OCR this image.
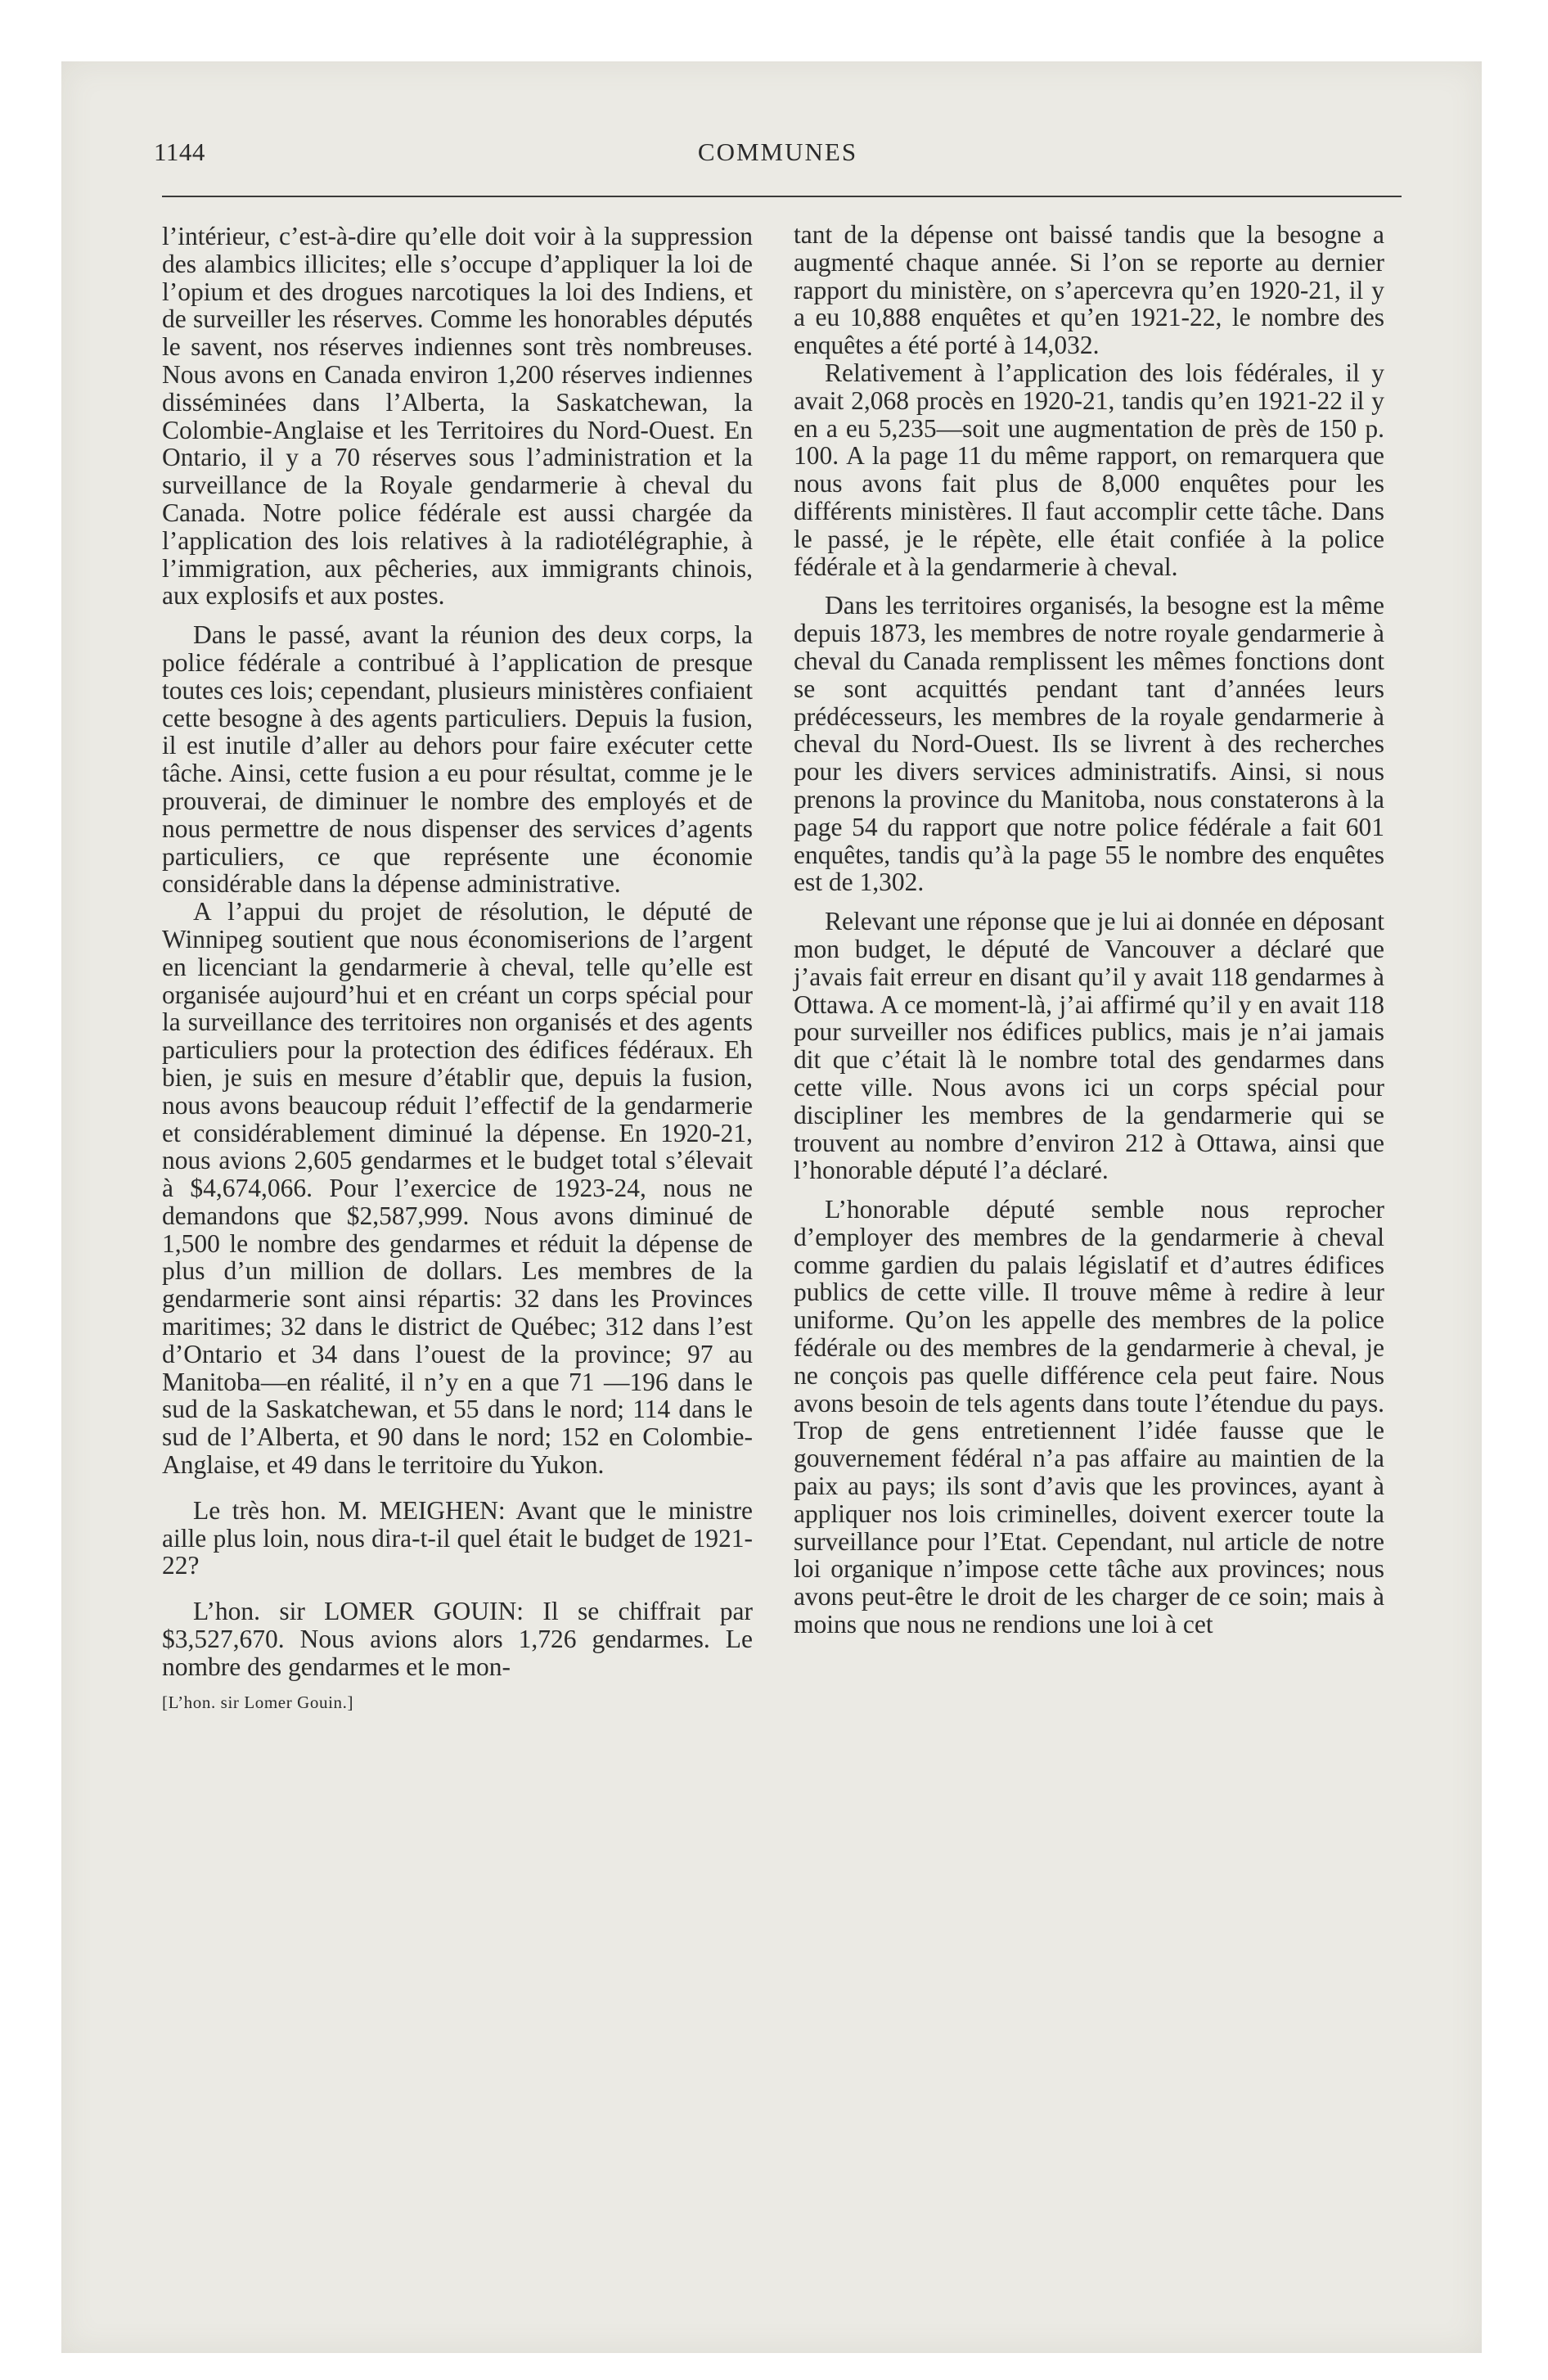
1144	COMMUNES

l’intérieur, c’est-à-dire qu’elle doit voir à la suppression des alambics illicites; elle s’occupe d’appliquer la loi de l’opium et des drogues narcotiques la loi des Indiens, et de surveiller les réserves. Comme les honorables députés le savent, nos réserves indiennes sont très nombreuses. Nous avons en Canada environ 1,200 réserves indiennes disséminées dans l’Alberta, la Saskatchewan, la Colombie-Anglaise et les Territoires du Nord-Ouest. En Ontario, il y a 70 réserves sous l’administration et la surveillance de la Royale gendarmerie à cheval du Canada. Notre police fédérale est aussi chargée da l’application des lois relatives à la radiotélégraphie, à l’immigration, aux pêcheries, aux immigrants chinois, aux explosifs et aux postes.

Dans le passé, avant la réunion des deux corps, la police fédérale a contribué à l’application de presque toutes ces lois; cependant, plusieurs ministères confiaient cette besogne à des agents particuliers. Depuis la fusion, il est inutile d’aller au dehors pour faire exécuter cette tâche. Ainsi, cette fusion a eu pour résultat, comme je le prouverai, de diminuer le nombre des employés et de nous permettre de nous dispenser des services d’agents particuliers, ce que représente une économie considérable dans la dépense administrative.

A l’appui du projet de résolution, le député de Winnipeg soutient que nous économiserions de l’argent en licenciant la gendarmerie à cheval, telle qu’elle est organisée aujourd’hui et en créant un corps spécial pour la surveillance des territoires non organisés et des agents particuliers pour la protection des édifices fédéraux. Eh bien, je suis en mesure d’établir que, depuis la fusion, nous avons beaucoup réduit l’effectif de la gendarmerie et considérablement diminué la dépense. En 1920-21, nous avions 2,605 gendarmes et le budget total s’élevait à $4,674,066. Pour l’exercice de 1923-24, nous ne demandons que $2,587,999. Nous avons diminué de 1,500 le nombre des gendarmes et réduit la dépense de plus d’un million de dollars. Les membres de la gendarmerie sont ainsi répartis: 32 dans les Provinces maritimes; 32 dans le district de Québec; 312 dans l’est d’Ontario et 34 dans l’ouest de la province; 97 au Manitoba—en réalité, il n’y en a que 71 —196 dans le sud de la Saskatchewan, et 55 dans le nord; 114 dans le sud de l’Alberta, et 90 dans le nord; 152 en Colombie-Anglaise, et 49 dans le territoire du Yukon.

Le très hon. M. MEIGHEN: Avant que le ministre aille plus loin, nous dira-t-il quel était le budget de 1921-22?

L’hon. sir LOMER GOUIN: Il se chiffrait par $3,527,670. Nous avions alors 1,726 gendarmes. Le nombre des gendarmes et le mon-

[L’hon. sir Lomer Gouin.]

tant de la dépense ont baissé tandis que la besogne a augmenté chaque année. Si l’on se reporte au dernier rapport du ministère, on s’apercevra qu’en 1920-21, il y a eu 10,888 enquêtes et qu’en 1921-22, le nombre des enquêtes a été porté à 14,032.

Relativement à l’application des lois fédérales, il y avait 2,068 procès en 1920-21, tandis qu’en 1921-22 il y en a eu 5,235—soit une augmentation de près de 150 p. 100. A la page 11 du même rapport, on remarquera que nous avons fait plus de 8,000 enquêtes pour les différents ministères. Il faut accomplir cette tâche. Dans le passé, je le répète, elle était confiée à la police fédérale et à la gendarmerie à cheval.

Dans les territoires organisés, la besogne est la même depuis 1873, les membres de notre royale gendarmerie à cheval du Canada remplissent les mêmes fonctions dont se sont acquittés pendant tant d’années leurs prédécesseurs, les membres de la royale gendarmerie à cheval du Nord-Ouest. Ils se livrent à des recherches pour les divers services administratifs. Ainsi, si nous prenons la province du Manitoba, nous constaterons à la page 54 du rapport que notre police fédérale a fait 601 enquêtes, tandis qu’à la page 55 le nombre des enquêtes est de 1,302.

Relevant une réponse que je lui ai donnée en déposant mon budget, le député de Vancouver a déclaré que j’avais fait erreur en disant qu’il y avait 118 gendarmes à Ottawa. A ce moment-là, j’ai affirmé qu’il y en avait 118 pour surveiller nos édifices publics, mais je n’ai jamais dit que c’était là le nombre total des gendarmes dans cette ville. Nous avons ici un corps spécial pour discipliner les membres de la gendarmerie qui se trouvent au nombre d’environ 212 à Ottawa, ainsi que l’honorable député l’a déclaré.

L’honorable député semble nous reprocher d’employer des membres de la gendarmerie à cheval comme gardien du palais législatif et d’autres édifices publics de cette ville. Il trouve même à redire à leur uniforme. Qu’on les appelle des membres de la police fédérale ou des membres de la gendarmerie à cheval, je ne conçois pas quelle différence cela peut faire. Nous avons besoin de tels agents dans toute l’étendue du pays. Trop de gens entretiennent l’idée fausse que le gouvernement fédéral n’a pas affaire au maintien de la paix au pays; ils sont d’avis que les provinces, ayant à appliquer nos lois criminelles, doivent exercer toute la surveillance pour l’Etat. Cependant, nul article de notre loi organique n’impose cette tâche aux provinces; nous avons peut-être le droit de les charger de ce soin; mais à moins que nous ne rendions une loi à cet
